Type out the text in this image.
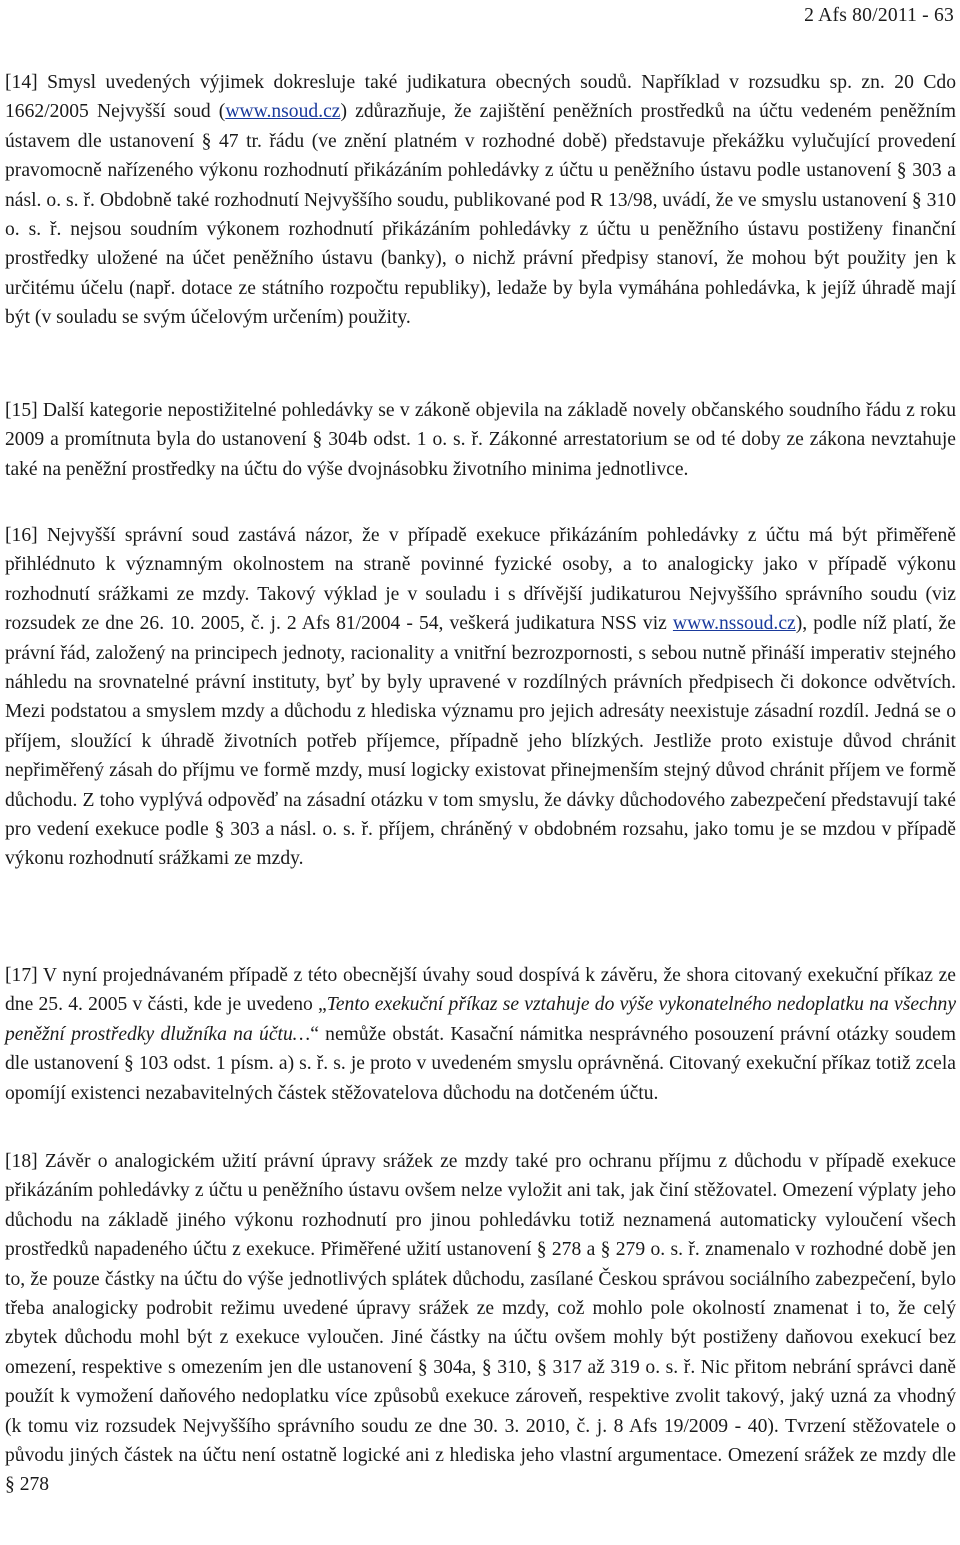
2 Afs 80/2011 - 63

[14] Smysl uvedených výjimek dokresluje také judikatura obecných soudů. Například v rozsudku sp. zn. 20 Cdo 1662/2005 Nejvyšší soud (www.nsoud.cz) zdůrazňuje, že zajištění peněžních prostředků na účtu vedeném peněžním ústavem dle ustanovení § 47 tr. řádu (ve znění platném v rozhodné době) představuje překážku vylučující provedení pravomocně nařízeného výkonu rozhodnutí přikázáním pohledávky z účtu u peněžního ústavu podle ustanovení § 303 a násl. o. s. ř. Obdobně také rozhodnutí Nejvyššího soudu, publikované pod R 13/98, uvádí, že ve smyslu ustanovení § 310 o. s. ř. nejsou soudním výkonem rozhodnutí přikázáním pohledávky z účtu u peněžního ústavu postiženy finanční prostředky uložené na účet peněžního ústavu (banky), o nichž právní předpisy stanoví, že mohou být použity jen k určitému účelu (např. dotace ze státního rozpočtu republiky), ledaže by byla vymáhána pohledávka, k jejíž úhradě mají být (v souladu se svým účelovým určením) použity.

[15] Další kategorie nepostižitelné pohledávky se v zákoně objevila na základě novely občanského soudního řádu z roku 2009 a promítnuta byla do ustanovení § 304b odst. 1 o. s. ř. Zákonné arrestatorium se od té doby ze zákona nevztahuje také na peněžní prostředky na účtu do výše dvojnásobku životního minima jednotlivce.

[16] Nejvyšší správní soud zastává názor, že v případě exekuce přikázáním pohledávky z účtu má být přiměřeně přihlédnuto k významným okolnostem na straně povinné fyzické osoby, a to analogicky jako v případě výkonu rozhodnutí srážkami ze mzdy. Takový výklad je v souladu i s dřívější judikaturou Nejvyššího správního soudu (viz rozsudek ze dne 26. 10. 2005, č. j. 2 Afs 81/2004 - 54, veškerá judikatura NSS viz www.nssoud.cz), podle níž platí, že právní řád, založený na principech jednoty, racionality a vnitřní bezrozpornosti, s sebou nutně přináší imperativ stejného náhledu na srovnatelné právní instituty, byť by byly upravené v rozdílných právních předpisech či dokonce odvětvích. Mezi podstatou a smyslem mzdy a důchodu z hlediska významu pro jejich adresáty neexistuje zásadní rozdíl. Jedná se o příjem, sloužící k úhradě životních potřeb příjemce, případně jeho blízkých. Jestliže proto existuje důvod chránit nepřiměřený zásah do příjmu ve formě mzdy, musí logicky existovat přinejmenším stejný důvod chránit příjem ve formě důchodu. Z toho vyplývá odpověď na zásadní otázku v tom smyslu, že dávky důchodového zabezpečení představují také pro vedení exekuce podle § 303 a násl. o. s. ř. příjem, chráněný v obdobném rozsahu, jako tomu je se mzdou v případě výkonu rozhodnutí srážkami ze mzdy.

[17] V nyní projednávaném případě z této obecnější úvahy soud dospívá k závěru, že shora citovaný exekuční příkaz ze dne 25. 4. 2005 v části, kde je uvedeno „Tento exekuční příkaz se vztahuje do výše vykonatelného nedoplatku na všechny peněžní prostředky dlužníka na účtu…“ nemůže obstát. Kasační námitka nesprávného posouzení právní otázky soudem dle ustanovení § 103 odst. 1 písm. a) s. ř. s. je proto v uvedeném smyslu oprávněná. Citovaný exekuční příkaz totiž zcela opomíjí existenci nezabavitelných částek stěžovatelova důchodu na dotčeném účtu.

[18] Závěr o analogickém užití právní úpravy srážek ze mzdy také pro ochranu příjmu z důchodu v případě exekuce přikázáním pohledávky z účtu u peněžního ústavu ovšem nelze vyložit ani tak, jak činí stěžovatel. Omezení výplaty jeho důchodu na základě jiného výkonu rozhodnutí pro jinou pohledávku totiž neznamená automaticky vyloučení všech prostředků napadeného účtu z exekuce. Přiměřené užití ustanovení § 278 a § 279 o. s. ř. znamenalo v rozhodné době jen to, že pouze částky na účtu do výše jednotlivých splátek důchodu, zasílané Českou správou sociálního zabezpečení, bylo třeba analogicky podrobit režimu uvedené úpravy srážek ze mzdy, což mohlo pole okolností znamenat i to, že celý zbytek důchodu mohl být z exekuce vyloučen. Jiné částky na účtu ovšem mohly být postiženy daňovou exekucí bez omezení, respektive s omezením jen dle ustanovení § 304a, § 310, § 317 až 319 o. s. ř. Nic přitom nebrání správci daně použít k vymožení daňového nedoplatku více způsobů exekuce zároveň, respektive zvolit takový, jaký uzná za vhodný (k tomu viz rozsudek Nejvyššího správního soudu ze dne 30. 3. 2010, č. j. 8 Afs 19/2009 - 40). Tvrzení stěžovatele o původu jiných částek na účtu není ostatně logické ani z hlediska jeho vlastní argumentace. Omezení srážek ze mzdy dle § 278
